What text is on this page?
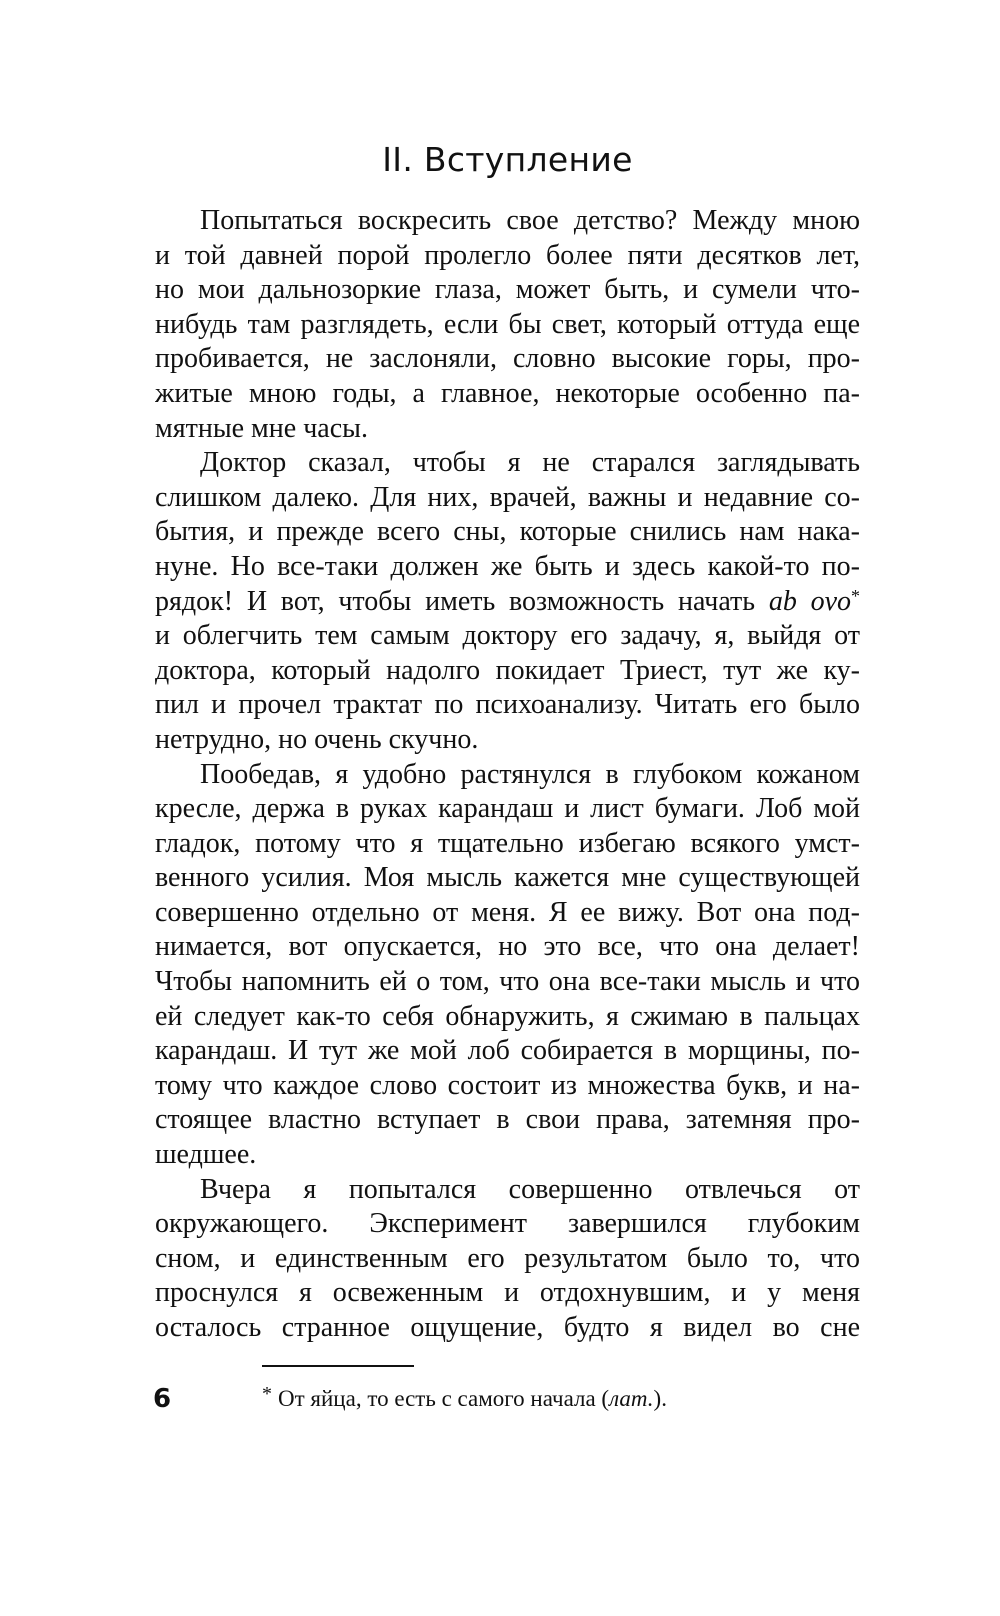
II. Вступление
Попытаться воскресить свое детство? Между мною
и той давней порой пролегло более пяти десятков лет,
но мои дальнозоркие глаза, может быть, и сумели что-
нибудь там разглядеть, если бы свет, который оттуда еще
пробивается, не заслоняли, словно высокие горы, про-
житые мною годы, а главное, некоторые особенно па-
мятные мне часы.
Доктор сказал, чтобы я не старался заглядывать
слишком далеко. Для них, врачей, важны и недавние со-
бытия, и прежде всего сны, которые снились нам нака-
нуне. Но все-таки должен же быть и здесь какой-то по-
рядок! И вот, чтобы иметь возможность начать ab ovo*
и облегчить тем самым доктору его задачу, я, выйдя от
доктора, который надолго покидает Триест, тут же ку-
пил и прочел трактат по психоанализу. Читать его было
нетрудно, но очень скучно.
Пообедав, я удобно растянулся в глубоком кожаном
кресле, держа в руках карандаш и лист бумаги. Лоб мой
гладок, потому что я тщательно избегаю всякого умст-
венного усилия. Моя мысль кажется мне существующей
совершенно отдельно от меня. Я ее вижу. Вот она под-
нимается, вот опускается, но это все, что она делает!
Чтобы напомнить ей о том, что она все-таки мысль и что
ей следует как-то себя обнаружить, я сжимаю в пальцах
карандаш. И тут же мой лоб собирается в морщины, по-
тому что каждое слово состоит из множества букв, и на-
стоящее властно вступает в свои права, затемняя про-
шедшее.
Вчера я попытался совершенно отвлечься от
окружающего. Эксперимент завершился глубоким
сном, и единственным его результатом было то, что
проснулся я освеженным и отдохнувшим, и у меня
осталось странное ощущение, будто я видел во сне

6	* От яйца, то есть с самого начала (лат.).
